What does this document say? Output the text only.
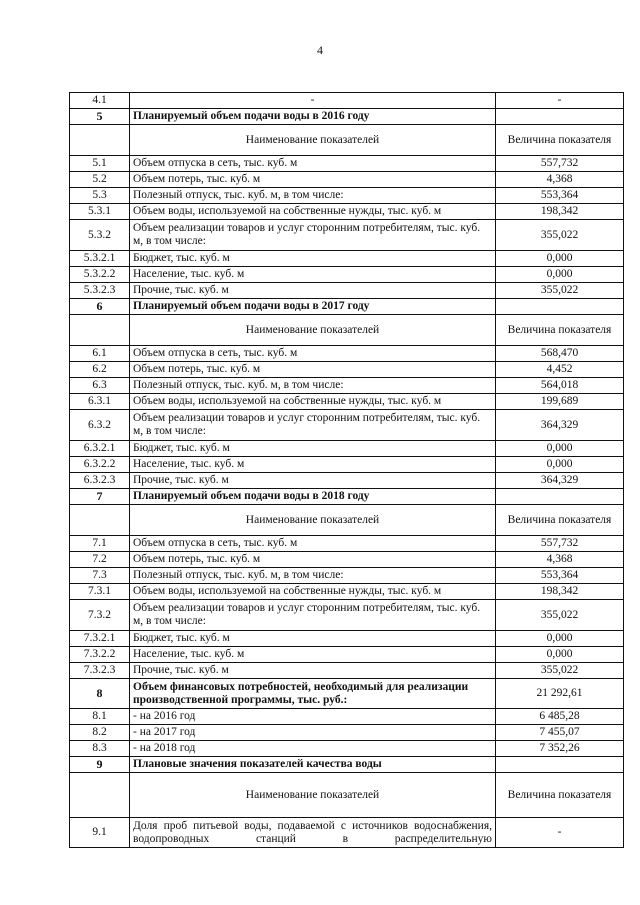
4
4.1	-	-
5	Планируемый объем подачи воды в 2016 году	
	Наименование показателей	Величина показателя
5.1	Объем отпуска в сеть, тыс. куб. м	557,732
5.2	Объем потерь, тыс. куб. м	4,368
5.3	Полезный отпуск, тыс. куб. м, в том числе:	553,364
5.3.1	Объем воды, используемой на собственные нужды, тыс. куб. м	198,342
5.3.2	Объем реализации товаров и услуг сторонним потребителям, тыс. куб. м, в том числе:	355,022
5.3.2.1	Бюджет, тыс. куб. м	0,000
5.3.2.2	Население, тыс. куб. м	0,000
5.3.2.3	Прочие, тыс. куб. м	355,022
6	Планируемый объем подачи воды в 2017 году	
	Наименование показателей	Величина показателя
6.1	Объем отпуска в сеть, тыс. куб. м	568,470
6.2	Объем потерь, тыс. куб. м	4,452
6.3	Полезный отпуск, тыс. куб. м, в том числе:	564,018
6.3.1	Объем воды, используемой на собственные нужды, тыс. куб. м	199,689
6.3.2	Объем реализации товаров и услуг сторонним потребителям, тыс. куб. м, в том числе:	364,329
6.3.2.1	Бюджет, тыс. куб. м	0,000
6.3.2.2	Население, тыс. куб. м	0,000
6.3.2.3	Прочие, тыс. куб. м	364,329
7	Планируемый объем подачи воды в 2018 году	
	Наименование показателей	Величина показателя
7.1	Объем отпуска в сеть, тыс. куб. м	557,732
7.2	Объем потерь, тыс. куб. м	4,368
7.3	Полезный отпуск, тыс. куб. м, в том числе:	553,364
7.3.1	Объем воды, используемой на собственные нужды, тыс. куб. м	198,342
7.3.2	Объем реализации товаров и услуг сторонним потребителям, тыс. куб. м, в том числе:	355,022
7.3.2.1	Бюджет, тыс. куб. м	0,000
7.3.2.2	Население, тыс. куб. м	0,000
7.3.2.3	Прочие, тыс. куб. м	355,022
8	Объем финансовых потребностей, необходимый для реализации производственной программы, тыс. руб.:	21 292,61
8.1	- на 2016 год	6 485,28
8.2	- на 2017 год	7 455,07
8.3	- на 2018 год	7 352,26
9	Плановые значения показателей качества воды	
	Наименование показателей	Величина показателя
9.1	Доля проб питьевой воды, подаваемой с источников водоснабжения, водопроводных станций в распределительную	-
